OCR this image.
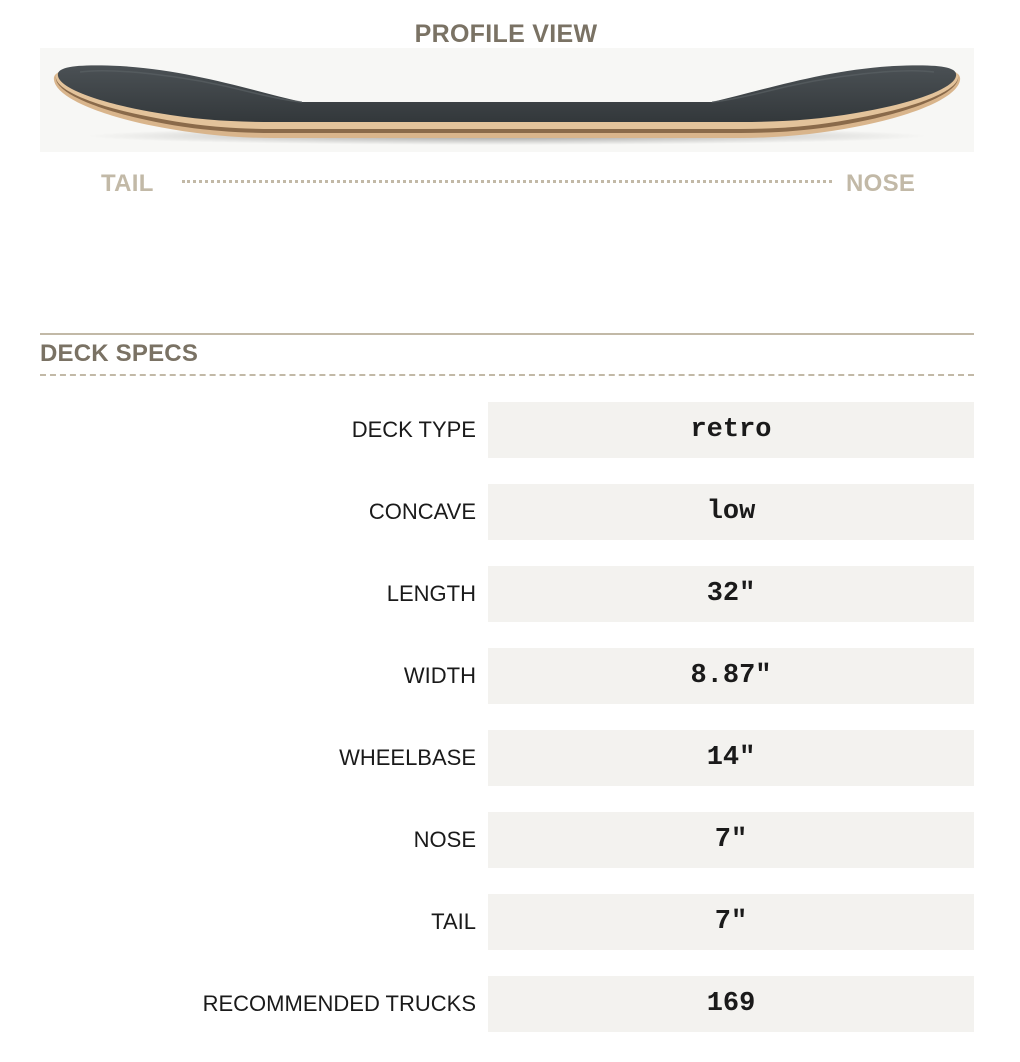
PROFILE VIEW
TAIL	NOSE
DECK SPECS
DECK TYPE	retro
CONCAVE	low
LENGTH	32"
WIDTH	8.87"
WHEELBASE	14"
NOSE	7"
TAIL	7"
RECOMMENDED TRUCKS	169
